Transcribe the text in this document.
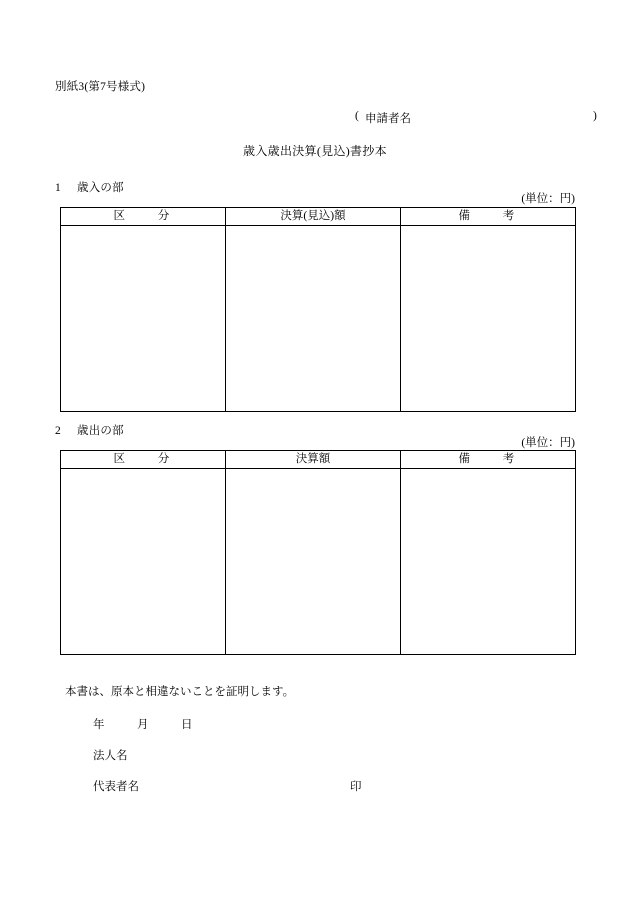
別紙3(第7号様式)
( 申請者名	)
歳入歳出決算(見込)書抄本
1 歳入の部
(単位：円)
区　　分	決算(見込)額	備　　考

2 歳出の部
(単位：円)
区　　分	決算額	備　　考

本書は、原本と相違ないことを証明します。
年	月	日
法人名
代表者名	印
